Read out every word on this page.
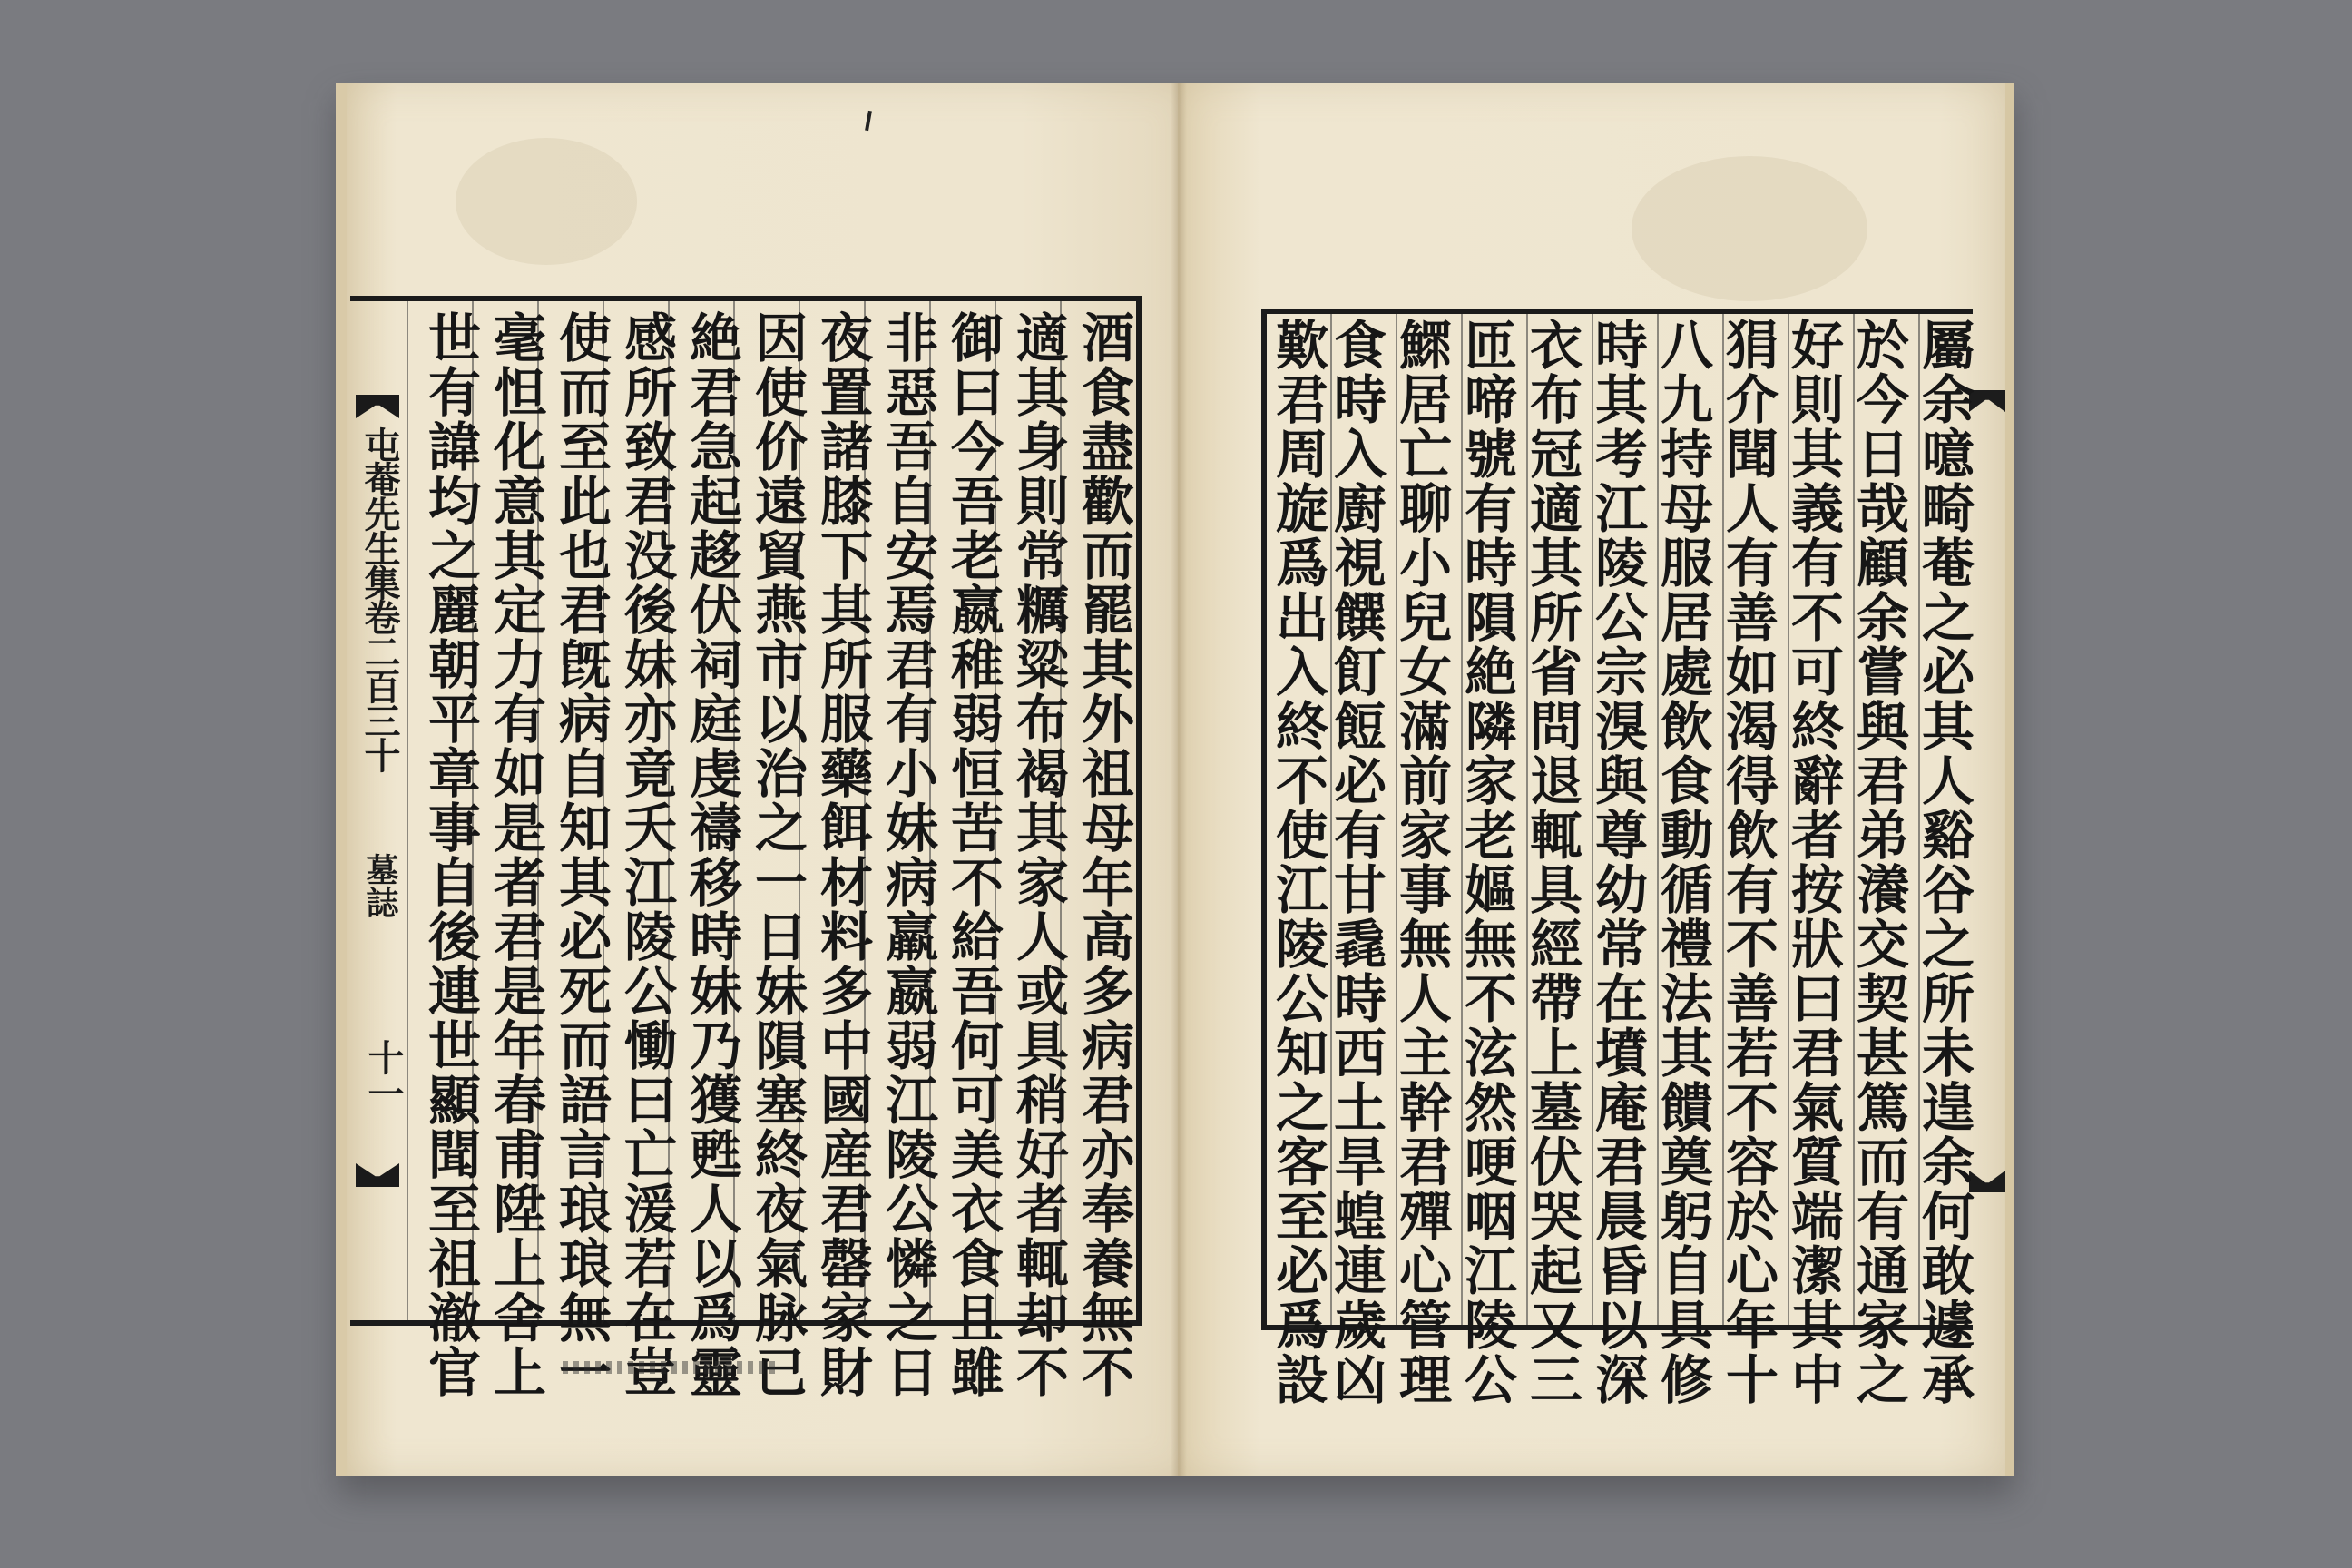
屯菴先生集卷二百三十
墓誌
十一	酒食盡歡而罷其外祖母年高多病君亦奉養無不
適其身則常糲粱布褐其家人或具稍好者輒却不
御曰今吾老嬴稚弱恒苦不給吾何可美衣食且雖
非惡吾自安焉君有小妹病羸嬴弱江陵公憐之日
夜置諸膝下其所服藥餌材料多中國産君罄家財
因使价遠貿燕市以治之一日妹隕塞終夜氣脉已
絶君急起趍伏祠庭虔禱移時妹乃獲甦人以爲靈
感所致君没後妹亦竟夭江陵公慟曰亡湲若在豈
使而至此也君旣病自知其必死而語言琅琅無一
毫怛化意其定力有如是者君是年春甫陞上舍上
世有諱均之麗朝平章事自後連世顯聞至祖澈官	屬余噫畸菴之必其人谿谷之所未遑余何敢遽承
於今日哉顧余嘗與君弟瀁交契甚篤而有通家之
好則其義有不可終辭者按狀曰君氣質端潔其中
狷介聞人有善如渴得飲有不善若不容於心年十
八九持母服居處飲食動循禮法其饋奠躬自具修
時其考江陵公宗湨與尊幼常在墳庵君晨昏以深
衣布冠適其所省問退輒具經帶上墓伏哭起又三
匝啼號有時隕絶隣家老嫗無不泫然哽咽江陵公
鰥居亡聊小兒女滿前家事無人主幹君殫心管理
食時入廚視饌飣餖必有甘毳時西土旱蝗連歲凶
歎君周旋爲出入終不使江陵公知之客至必爲設
